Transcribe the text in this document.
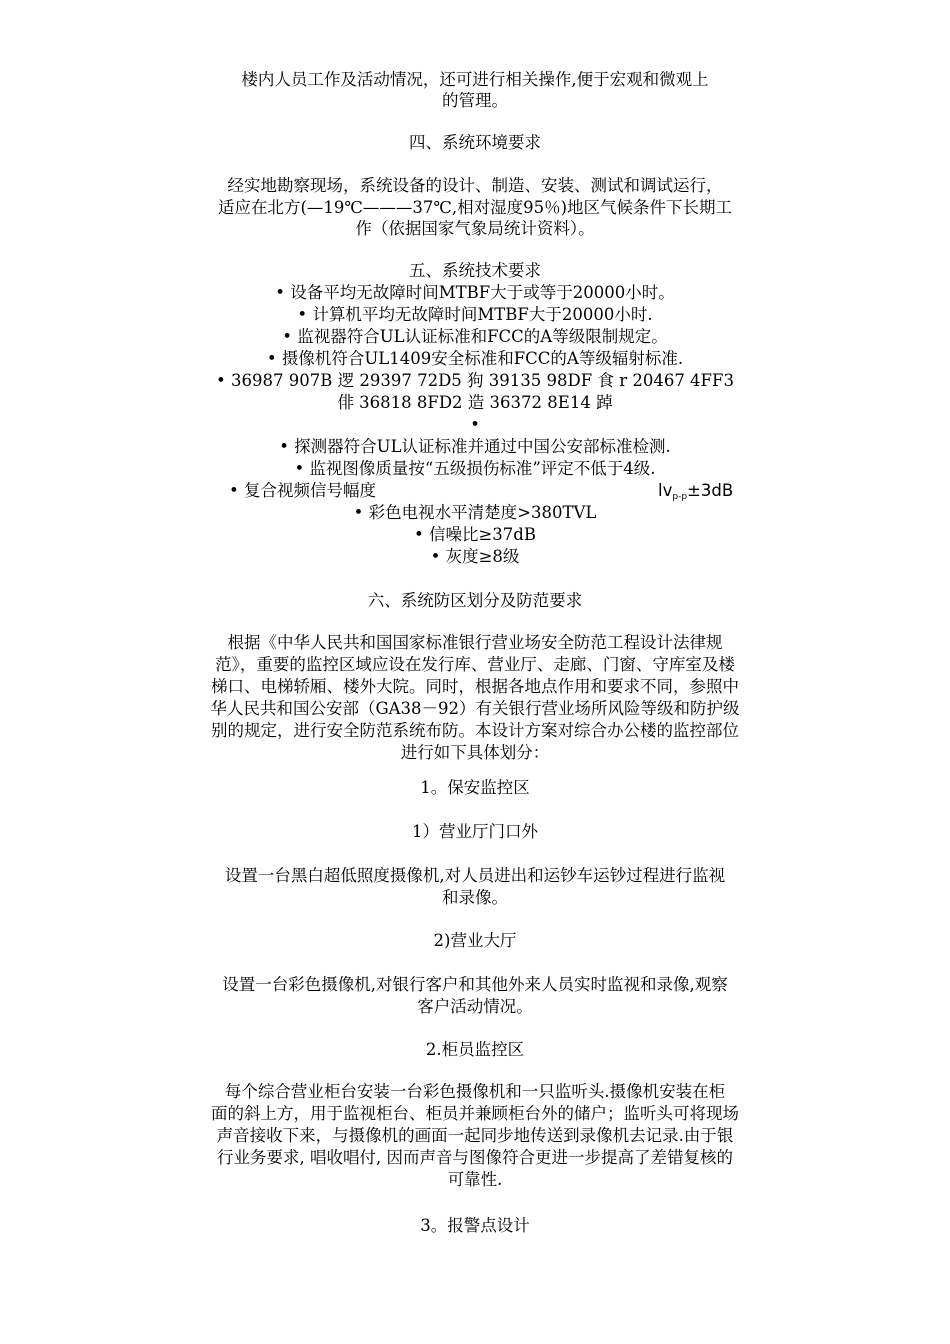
楼内人员工作及活动情况，还可进行相关操作,便于宏观和微观上
的管理。
四、系统环境要求
经实地勘察现场，系统设备的设计、制造、安装、测试和调试运行，
适应在北方(—19℃———37℃,相对湿度95％)地区气候条件下长期工
作（依据国家气象局统计资料）。
五、系统技术要求
• 设备平均无故障时间MTBF大于或等于20000小时。
• 计算机平均无故障时间MTBF大于20000小时.
• 监视器符合UL认证标准和FCC的A等级限制规定。
• 摄像机符合UL1409安全标准和FCC的A等级辐射标准.
• 36987 907B 逻 29397 72D5 狗 39135 98DF 食 r 20467 4FF3
俳 36818 8FD2 造 36372 8E14 踔
•
• 探测器符合UL认证标准并通过中国公安部标准检测.
• 监视图像质量按“五级损伤标准”评定不低于4级.
• 复合视频信号幅度	$lv_{p-p}\pm 3dB$
• 彩色电视水平清楚度>380TVL
• 信噪比≥37dB
• 灰度≥8级
六、系统防区划分及防范要求
根据《中华人民共和国国家标准银行营业场安全防范工程设计法律规
范》，重要的监控区域应设在发行库、营业厅、走廊、门窗、守库室及楼
梯口、电梯轿厢、楼外大院。同时，根据各地点作用和要求不同，参照中
华人民共和国公安部（GA38－92）有关银行营业场所风险等级和防护级
别的规定，进行安全防范系统布防。本设计方案对综合办公楼的监控部位
进行如下具体划分：
1。保安监控区
1）营业厅门口外
设置一台黑白超低照度摄像机,对人员进出和运钞车运钞过程进行监视
和录像。
2)营业大厅
设置一台彩色摄像机,对银行客户和其他外来人员实时监视和录像,观察
客户活动情况。
2.柜员监控区
每个综合营业柜台安装一台彩色摄像机和一只监听头.摄像机安装在柜
面的斜上方，用于监视柜台、柜员并兼顾柜台外的储户；监听头可将现场
声音接收下来，与摄像机的画面一起同步地传送到录像机去记录.由于银
行业务要求, 唱收唱付, 因而声音与图像符合更进一步提高了差错复核的
可靠性.
3。报警点设计
